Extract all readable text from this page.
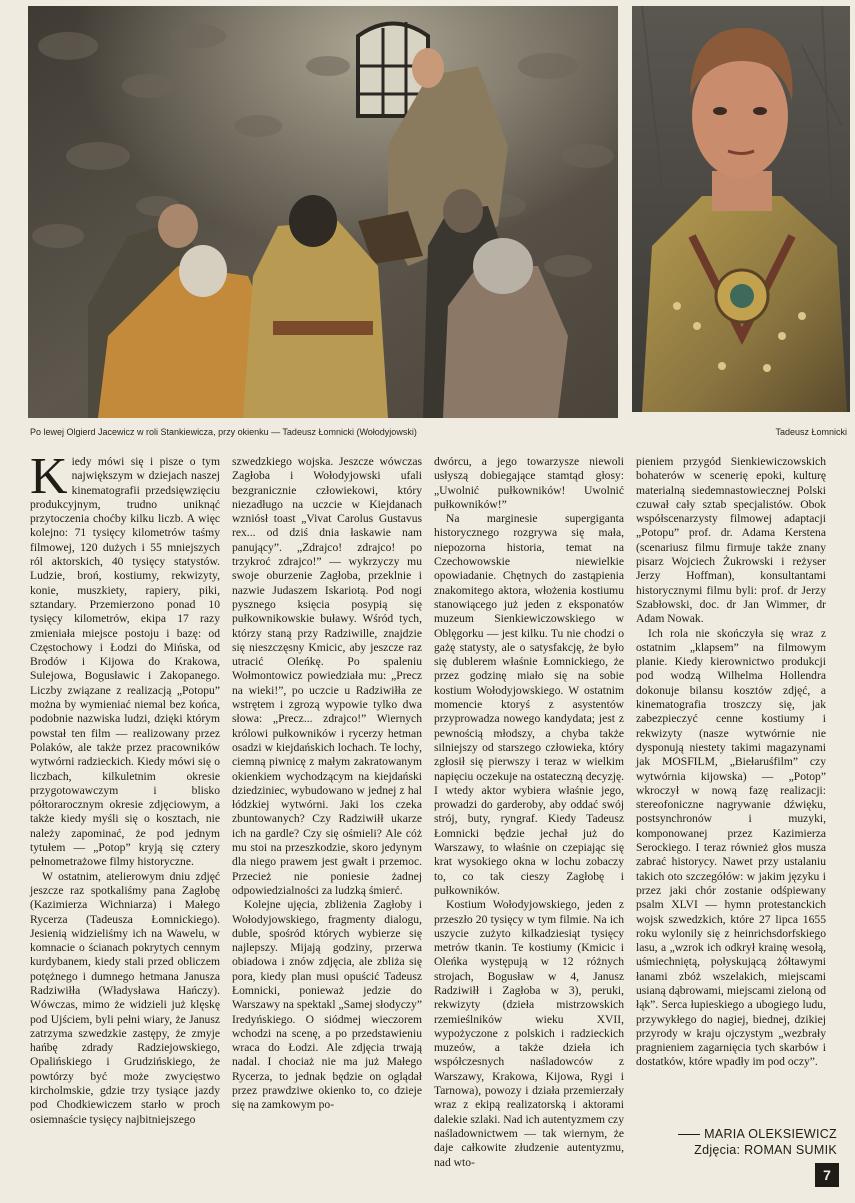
Po lewej Olgierd Jacewicz w roli Stankiewicza, przy okienku — Tadeusz Łomnicki (Wołodyjowski)	Tadeusz Łomnicki

Kiedy mówi się i pisze o tym największym w dziejach naszej kinematografii przedsięwzięciu produkcyjnym, trudno uniknąć przytoczenia choćby kilku liczb. A więc kolejno: 71 tysięcy kilometrów taśmy filmowej, 120 dużych i 55 mniejszych ról aktorskich, 40 tysięcy statystów. Ludzie, broń, kostiumy, rekwizyty, konie, muszkiety, rapiery, piki, sztandary. Przemierzono ponad 10 tysięcy kilometrów, ekipa 17 razy zmieniała miejsce postoju i bazę: od Częstochowy i Łodzi do Mińska, od Brodów i Kijowa do Krakowa, Sulejowa, Bogusławic i Zakopanego. Liczby związane z realizacją „Potopu” można by wymieniać niemal bez końca, podobnie nazwiska ludzi, dzięki którym powstał ten film — realizowany przez Polaków, ale także przez pracowników wytwórni radzieckich. Kiedy mówi się o liczbach, kilkuletnim okresie przygotowawczym i blisko półtorarocznym okresie zdjęciowym, a także kiedy myśli się o kosztach, nie należy zapominać, że pod jednym tytułem — „Potop” kryją się cztery pełnometrażowe filmy historyczne.

W ostatnim, atelierowym dniu zdjęć jeszcze raz spotkaliśmy pana Zagłobę (Kazimierza Wichniarza) i Małego Rycerza (Tadeusza Łomnickiego). Jesienią widzieliśmy ich na Wawelu, w komnacie o ścianach pokrytych cennym kurdybanem, kiedy stali przed obliczem potężnego i dumnego hetmana Janusza Radziwiłła (Władysława Hańczy). Wówczas, mimo że widzieli już klęskę pod Ujściem, byli pełni wiary, że Janusz zatrzyma szwedzkie zastępy, że zmyje hańbę zdrady Radziejowskiego, Opalińskiego i Grudzińskiego, że powtórzy być może zwycięstwo kircholmskie, gdzie trzy tysiące jazdy pod Chodkiewiczem starło w proch osiemnaście tysięcy najbitniejszego

szwedzkiego wojska. Jeszcze wówczas Zagłoba i Wołodyjowski ufali bezgranicznie człowiekowi, który niezadługo na uczcie w Kiejdanach wzniósł toast „Vivat Carolus Gustavus rex... od dziś dnia łaskawie nam panujący”. „Zdrajco! zdrajco! po trzykroć zdrajco!” — wykrzyczy mu swoje oburzenie Zagłoba, przeklnie i nazwie Judaszem Iskariotą. Pod nogi pysznego księcia posypią się pułkownikowskie buławy. Wśród tych, którzy staną przy Radziwille, znajdzie się nieszczęsny Kmicic, aby jeszcze raz utracić Oleńkę. Po spaleniu Wołmontowicz powiedziała mu: „Precz na wieki!”, po uczcie u Radziwiłła ze wstrętem i zgrozą wypowie tylko dwa słowa: „Precz... zdrajco!” Wiernych królowi pułkowników i rycerzy hetman osadzi w kiejdańskich lochach. Te lochy, ciemną piwnicę z małym zakratowanym okienkiem wychodzącym na kiejdański dziedziniec, wybudowano w jednej z hal łódzkiej wytwórni. Jaki los czeka zbuntowanych? Czy Radziwiłł ukarze ich na gardle? Czy się ośmieli? Ale cóż mu stoi na przeszkodzie, skoro jedynym dla niego prawem jest gwałt i przemoc. Przecież nie poniesie żadnej odpowiedzialności za ludzką śmierć.

Kolejne ujęcia, zbliżenia Zagłoby i Wołodyjowskiego, fragmenty dialogu, duble, spośród których wybierze się najlepszy. Mijają godziny, przerwa obiadowa i znów zdjęcia, ale zbliża się pora, kiedy plan musi opuścić Tadeusz Łomnicki, ponieważ jedzie do Warszawy na spektakl „Samej słodyczy” Iredyńskiego. O siódmej wieczorem wchodzi na scenę, a po przedstawieniu wraca do Łodzi. Ale zdjęcia trwają nadal. I chociaż nie ma już Małego Rycerza, to jednak będzie on oglądał przez prawdziwe okienko to, co dzieje się na zamkowym po-

dwórcu, a jego towarzysze niewoli usłyszą dobiegające stamtąd głosy: „Uwolnić pułkowników! Uwolnić pułkowników!”

Na marginesie supergiganta historycznego rozgrywa się mała, niepozorna historia, temat na Czechowowskie niewielkie opowiadanie. Chętnych do zastąpienia znakomitego aktora, włożenia kostiumu stanowiącego już jeden z eksponatów muzeum Sienkiewiczowskiego w Oblęgorku — jest kilku. Tu nie chodzi o gażę statysty, ale o satysfakcję, że było się dublerem właśnie Łomnickiego, że przez godzinę miało się na sobie kostium Wołodyjowskiego. W ostatnim momencie ktoryś z asystentów przyprowadza nowego kandydata; jest z pewnością młodszy, a chyba także silniejszy od starszego człowieka, który zgłosił się pierwszy i teraz w wielkim napięciu oczekuje na ostateczną decyzję. I wtedy aktor wybiera właśnie jego, prowadzi do garderoby, aby oddać swój strój, buty, ryngraf. Kiedy Tadeusz Łomnicki będzie jechał już do Warszawy, to właśnie on czepiając się krat wysokiego okna w lochu zobaczy to, co tak cieszy Zagłobę i pułkowników.

Kostium Wołodyjowskiego, jeden z przeszło 20 tysięcy w tym filmie. Na ich uszycie zużyto kilkadziesiąt tysięcy metrów tkanin. Te kostiumy (Kmicic i Oleńka występują w 12 różnych strojach, Bogusław w 4, Janusz Radziwiłł i Zagłoba w 3), peruki, rekwizyty (dzieła mistrzowskich rzemieślników wieku XVII, wypożyczone z polskich i radzieckich muzeów, a także dzieła ich współczesnych naśladowców z Warszawy, Krakowa, Kijowa, Rygi i Tarnowa), powozy i działa przemierzały wraz z ekipą realizatorską i aktorami dalekie szlaki. Nad ich autentyzmem czy naśladownictwem — tak wiernym, że daje całkowite złudzenie autentyzmu, nad wto-

pieniem przygód Sienkiewiczowskich bohaterów w scenerię epoki, kulturę materialną siedemnastowiecznej Polski czuwał cały sztab specjalistów. Obok współscenarzysty filmowej adaptacji „Potopu” prof. dr. Adama Kerstena (scenariusz filmu firmuje także znany pisarz Wojciech Żukrowski i reżyser Jerzy Hoffman), konsultantami historycznymi filmu byli: prof. dr Jerzy Szabłowski, doc. dr Jan Wimmer, dr Adam Nowak.

Ich rola nie skończyła się wraz z ostatnim „klapsem” na filmowym planie. Kiedy kierownictwo produkcji pod wodzą Wilhelma Hollendra dokonuje bilansu kosztów zdjęć, a kinematografia troszczy się, jak zabezpieczyć cenne kostiumy i rekwizyty (nasze wytwórnie nie dysponują niestety takimi magazynami jak MOSFILM, „Biełaruśfilm” czy wytwórnia kijowska) — „Potop” wkroczył w nową fazę realizacji: stereofoniczne nagrywanie dźwięku, postsynchronów i muzyki, komponowanej przez Kazimierza Serockiego. I teraz również głos musza zabrać historycy. Nawet przy ustalaniu takich oto szczegółów: w jakim języku i przez jaki chór zostanie odśpiewany psalm XLVI — hymn protestanckich wojsk szwedzkich, które 27 lipca 1655 roku wylonily się z heinrichsdorfskiego lasu, a „wzrok ich odkrył krainę wesołą, uśmiechniętą, połyskującą żółtawymi łanami zbóż wszelakich, miejscami usianą dąbrowami, miejscami zieloną od łąk”. Serca łupieskiego a ubogiego ludu, przywykłego do nagiej, biednej, dzikiej przyrody w kraju ojczystym „wezbrały pragnieniem zagarnięcia tych skarbów i dostatków, które wpadły im pod oczy”.

MARIA OLEKSIEWICZ
Zdjęcia: ROMAN SUMIK
7
